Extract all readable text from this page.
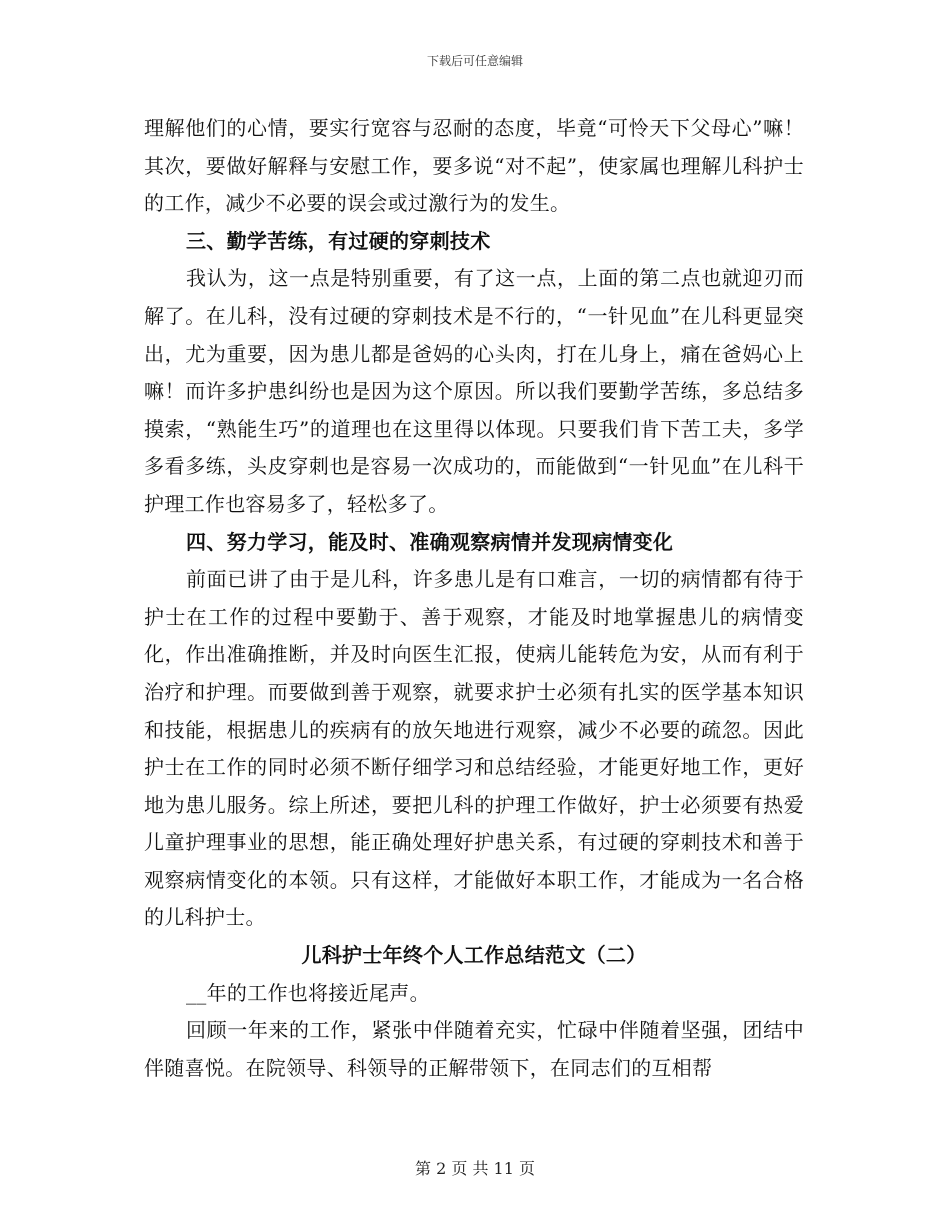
下载后可任意编辑

理解他们的心情，要实行宽容与忍耐的态度，毕竟“可怜天下父母心”嘛！其次，要做好解释与安慰工作，要多说“对不起”，使家属也理解儿科护士的工作，减少不必要的误会或过激行为的发生。

三、勤学苦练，有过硬的穿刺技术

我认为，这一点是特别重要，有了这一点，上面的第二点也就迎刃而解了。在儿科，没有过硬的穿刺技术是不行的，“一针见血”在儿科更显突出，尤为重要，因为患儿都是爸妈的心头肉，打在儿身上，痛在爸妈心上嘛！而许多护患纠纷也是因为这个原因。所以我们要勤学苦练，多总结多摸索，“熟能生巧”的道理也在这里得以体现。只要我们肯下苦工夫，多学多看多练，头皮穿刺也是容易一次成功的，而能做到“一针见血”在儿科干护理工作也容易多了，轻松多了。

四、努力学习，能及时、准确观察病情并发现病情变化

前面已讲了由于是儿科，许多患儿是有口难言，一切的病情都有待于护士在工作的过程中要勤于、善于观察，才能及时地掌握患儿的病情变化，作出准确推断，并及时向医生汇报，使病儿能转危为安，从而有利于治疗和护理。而要做到善于观察，就要求护士必须有扎实的医学基本知识和技能，根据患儿的疾病有的放矢地进行观察，减少不必要的疏忽。因此护士在工作的同时必须不断仔细学习和总结经验，才能更好地工作，更好地为患儿服务。综上所述，要把儿科的护理工作做好，护士必须要有热爱儿童护理事业的思想，能正确处理好护患关系，有过硬的穿刺技术和善于观察病情变化的本领。只有这样，才能做好本职工作，才能成为一名合格的儿科护士。

儿科护士年终个人工作总结范文（二）

__年的工作也将接近尾声。

回顾一年来的工作，紧张中伴随着充实，忙碌中伴随着坚强，团结中伴随喜悦。在院领导、科领导的正解带领下，在同志们的互相帮

第 2 页 共 11 页
